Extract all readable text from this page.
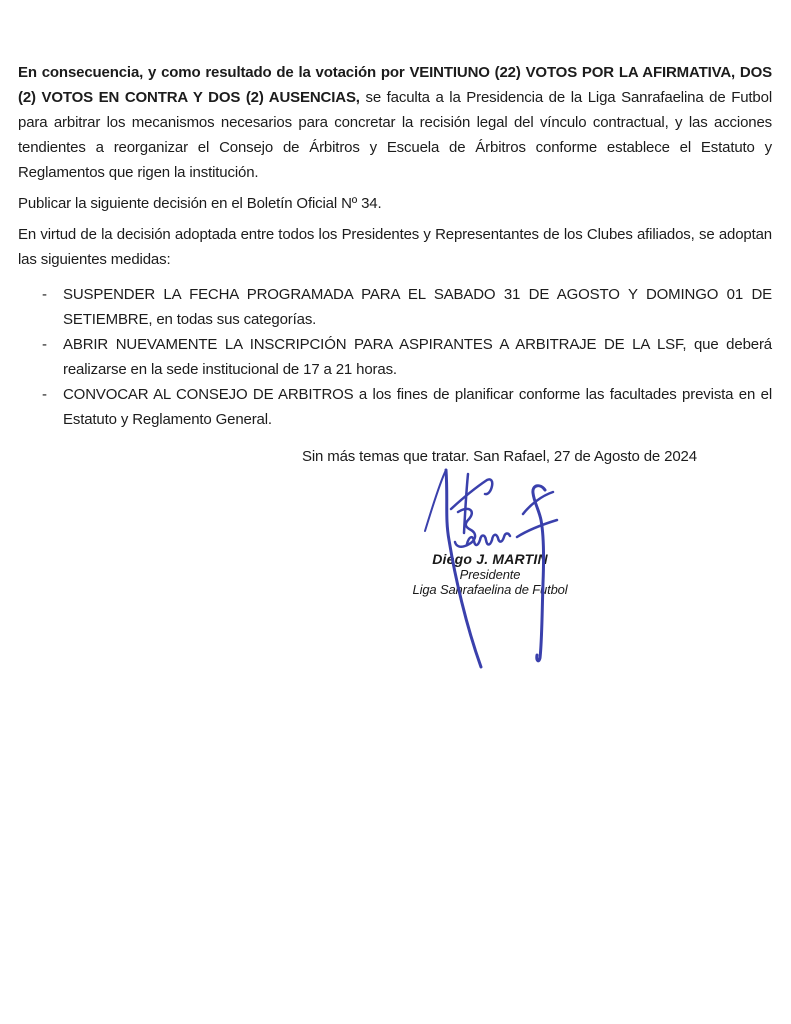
En consecuencia, y como resultado de la votación por VEINTIUNO (22) VOTOS POR LA AFIRMATIVA, DOS (2) VOTOS EN CONTRA Y DOS (2) AUSENCIAS, se faculta a la Presidencia de la Liga Sanrafaelina de Futbol para arbitrar los mecanismos necesarios para concretar la recisión legal del vínculo contractual, y las acciones tendientes a reorganizar el Consejo de Árbitros y Escuela de Árbitros conforme establece el Estatuto y Reglamentos que rigen la institución.

Publicar la siguiente decisión en el Boletín Oficial Nº 34.

En virtud de la decisión adoptada entre todos los Presidentes y Representantes de los Clubes afiliados, se adoptan las siguientes medidas:

- SUSPENDER LA FECHA PROGRAMADA PARA EL SABADO 31 DE AGOSTO Y DOMINGO 01 DE SETIEMBRE, en todas sus categorías.
- ABRIR NUEVAMENTE LA INSCRIPCIÓN PARA ASPIRANTES A ARBITRAJE DE LA LSF, que deberá realizarse en la sede institucional de 17 a 21 horas.
- CONVOCAR AL CONSEJO DE ARBITROS a los fines de planificar conforme las facultades prevista en el Estatuto y Reglamento General.

Sin más temas que tratar. San Rafael, 27 de Agosto de 2024

Diego J. MARTIN
Presidente
Liga Sanrafaelina de Futbol
